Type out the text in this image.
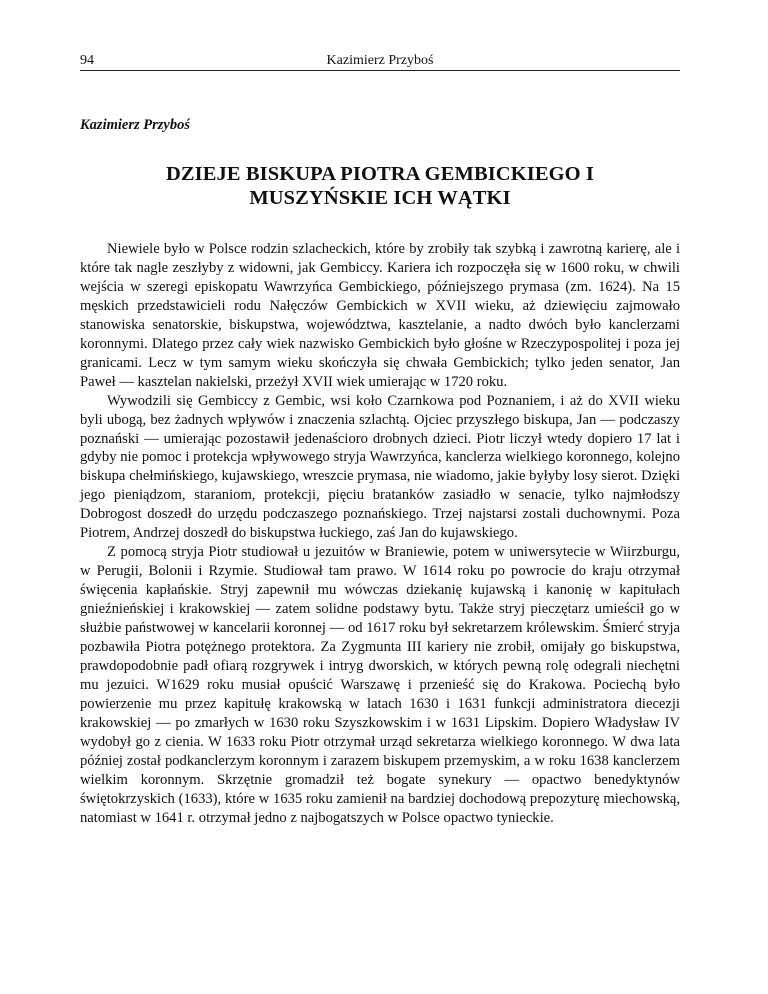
94	Kazimierz Przyboś
Kazimierz Przyboś
DZIEJE BISKUPA PIOTRA GEMBICKIEGO I
MUSZYŃSKIE ICH WĄTKI

Niewiele było w Polsce rodzin szlacheckich, które by zrobiły tak szybką i zawrotną karierę, ale i które tak nagle zeszłyby z widowni, jak Gembiccy. Kariera ich rozpoczęła się w 1600 roku, w chwili wejścia w szeregi episkopatu Wawrzyńca Gembickiego, późniejszego prymasa (zm. 1624). Na 15 męskich przedstawicieli rodu Nałęczów Gembickich w XVII wieku, aż dziewięciu zajmowało stanowiska senatorskie, biskupstwa, województwa, kasztelanie, a nadto dwóch było kanclerzami koronnymi. Dlatego przez cały wiek nazwisko Gembickich było głośne w Rzeczypospolitej i poza jej granicami. Lecz w tym samym wieku skończyła się chwała Gembickich; tylko jeden senator, Jan Paweł — kasztelan nakielski, przeżył XVII wiek umierając w 1720 roku.

Wywodzili się Gembiccy z Gembic, wsi koło Czarnkowa pod Poznaniem, i aż do XVII wieku byli ubogą, bez żadnych wpływów i znaczenia szlachtą. Ojciec przyszłego biskupa, Jan — podczaszy poznański — umierając pozostawił jedenaścioro drobnych dzieci. Piotr liczył wtedy dopiero 17 lat i gdyby nie pomoc i protekcja wpływowego stryja Wawrzyńca, kanclerza wielkiego koronnego, kolejno biskupa chełmińskiego, kujawskiego, wreszcie prymasa, nie wiadomo, jakie byłyby losy sierot. Dzięki jego pieniądzom, staraniom, protekcji, pięciu bratanków zasiadło w senacie, tylko najmłodszy Dobrogost doszedł do urzędu podczaszego poznańskiego. Trzej najstarsi zostali duchownymi. Poza Piotrem, Andrzej doszedł do biskupstwa łuckiego, zaś Jan do kujawskiego.

Z pomocą stryja Piotr studiował u jezuitów w Braniewie, potem w uniwersytecie w Wiirzburgu, w Perugii, Bolonii i Rzymie. Studiował tam prawo. W 1614 roku po powrocie do kraju otrzymał święcenia kapłańskie. Stryj zapewnił mu wówczas dziekanię kujawską i kanonię w kapitułach gnieźnieńskiej i krakowskiej — zatem solidne podstawy bytu. Także stryj pieczętarz umieścił go w służbie państwowej w kancelarii koronnej — od 1617 roku był sekretarzem królewskim. Śmierć stryja pozbawiła Piotra potężnego protektora. Za Zygmunta III kariery nie zrobił, omijały go biskupstwa, prawdopodobnie padł ofiarą rozgrywek i intryg dworskich, w których pewną rolę odegrali niechętni mu jezuici. W1629 roku musiał opuścić Warszawę i przenieść się do Krakowa. Pociechą było powierzenie mu przez kapitułę krakowską w latach 1630 i 1631 funkcji administratora diecezji krakowskiej — po zmarłych w 1630 roku Szyszkowskim i w 1631 Lipskim. Dopiero Władysław IV wydobył go z cienia. W 1633 roku Piotr otrzymał urząd sekretarza wielkiego koronnego. W dwa lata później został podkanclerzym koronnym i zarazem biskupem przemyskim, a w roku 1638 kanclerzem wielkim koronnym. Skrzętnie gromadził też bogate synekury — opactwo benedyktynów świętokrzyskich (1633), które w 1635 roku zamienił na bardziej dochodową prepozyturę miechowską, natomiast w 1641 r. otrzymał jedno z najbogatszych w Polsce opactwo tynieckie.
